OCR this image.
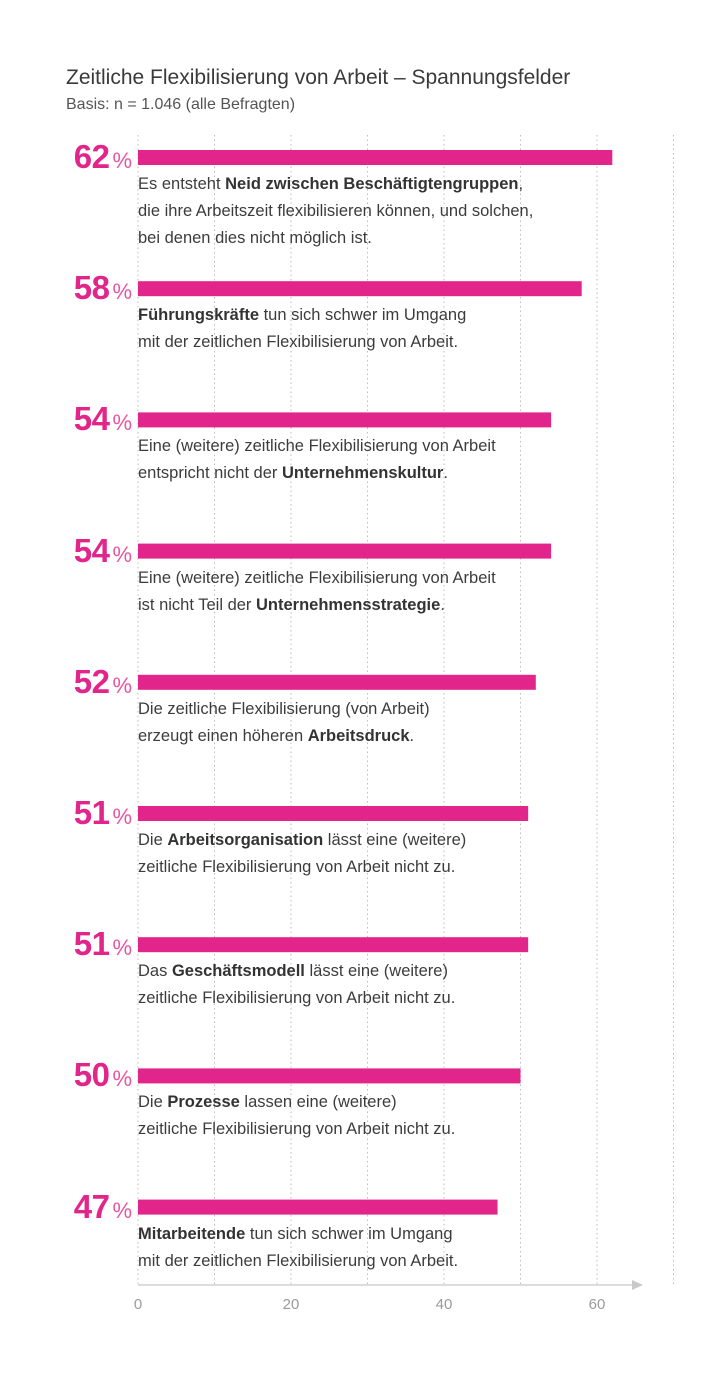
Zeitliche Flexibilisierung von Arbeit – Spannungsfelder
Basis: n = 1.046 (alle Befragten)
0	20	40	60
62 %
Es entsteht Neid zwischen Beschäftigtengruppen,
die ihre Arbeitszeit flexibilisieren können, und solchen,
bei denen dies nicht möglich ist.
58 %
Führungskräfte tun sich schwer im Umgang
mit der zeitlichen Flexibilisierung von Arbeit.
54 %
Eine (weitere) zeitliche Flexibilisierung von Arbeit
entspricht nicht der Unternehmenskultur.
54 %
Eine (weitere) zeitliche Flexibilisierung von Arbeit
ist nicht Teil der Unternehmensstrategie.
52 %
Die zeitliche Flexibilisierung (von Arbeit)
erzeugt einen höheren Arbeitsdruck.
51 %
Die Arbeitsorganisation lässt eine (weitere)
zeitliche Flexibilisierung von Arbeit nicht zu.
51 %
Das Geschäftsmodell lässt eine (weitere)
zeitliche Flexibilisierung von Arbeit nicht zu.
50 %
Die Prozesse lassen eine (weitere)
zeitliche Flexibilisierung von Arbeit nicht zu.
47 %
Mitarbeitende tun sich schwer im Umgang
mit der zeitlichen Flexibilisierung von Arbeit.
